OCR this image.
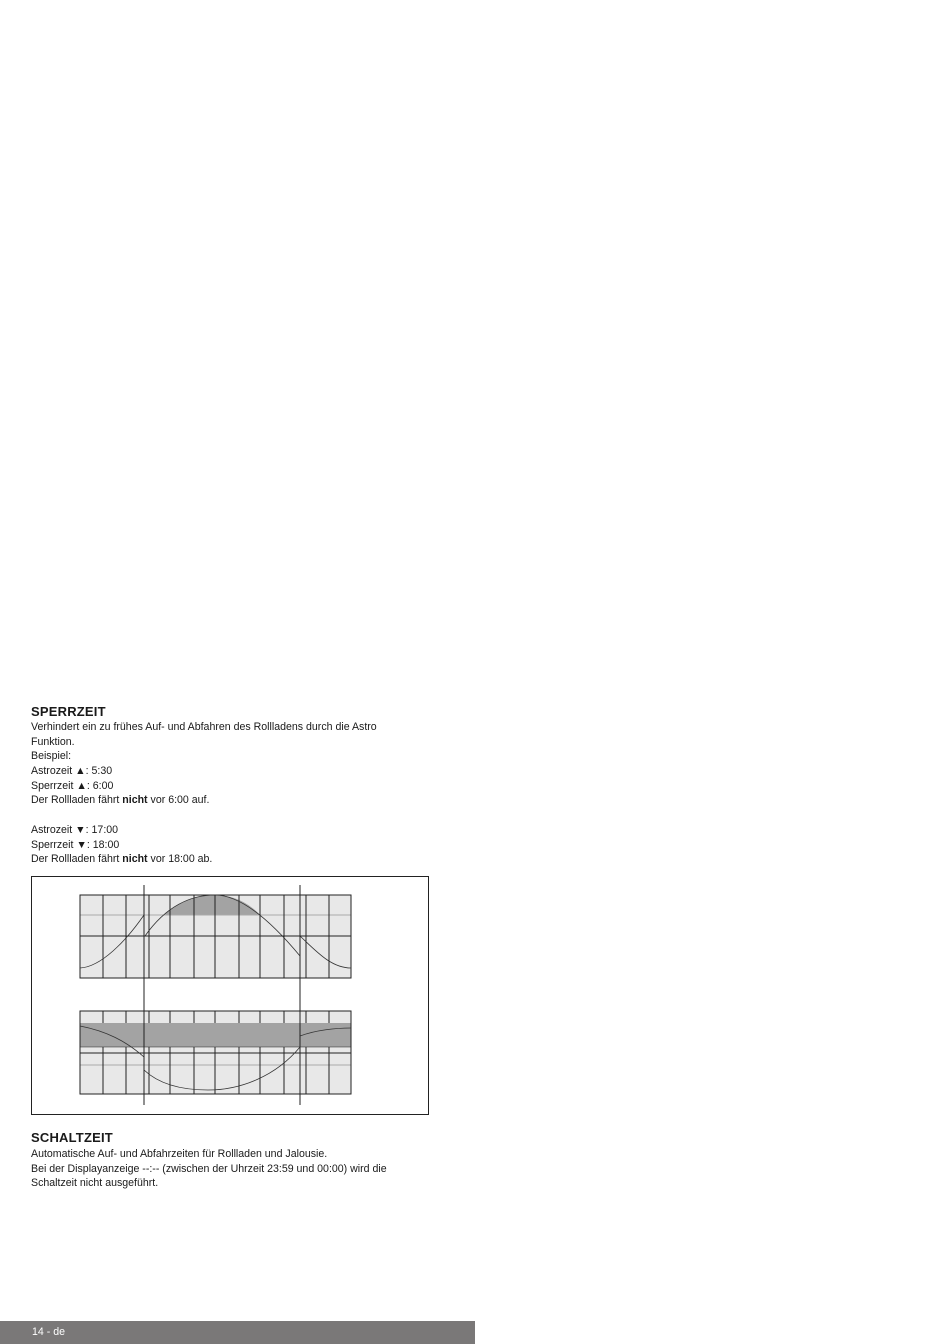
SPERRZEIT
Verhindert ein zu frühes Auf- und Abfahren des Rollladens durch die Astro
Funktion.
Beispiel:
Astrozeit ▲: 5:30
Sperrzeit ▲: 6:00
Der Rollladen fährt nicht vor 6:00 auf.
Astrozeit ▼: 17:00
Sperrzeit ▼: 18:00
Der Rollladen fährt nicht vor 18:00 ab.
SCHALTZEIT
Automatische Auf- und Abfahrzeiten für Rollladen und Jalousie.
Bei der Displayanzeige --:-- (zwischen der Uhrzeit 23:59 und 00:00) wird die
Schaltzeit nicht ausgeführt.
14 - de
